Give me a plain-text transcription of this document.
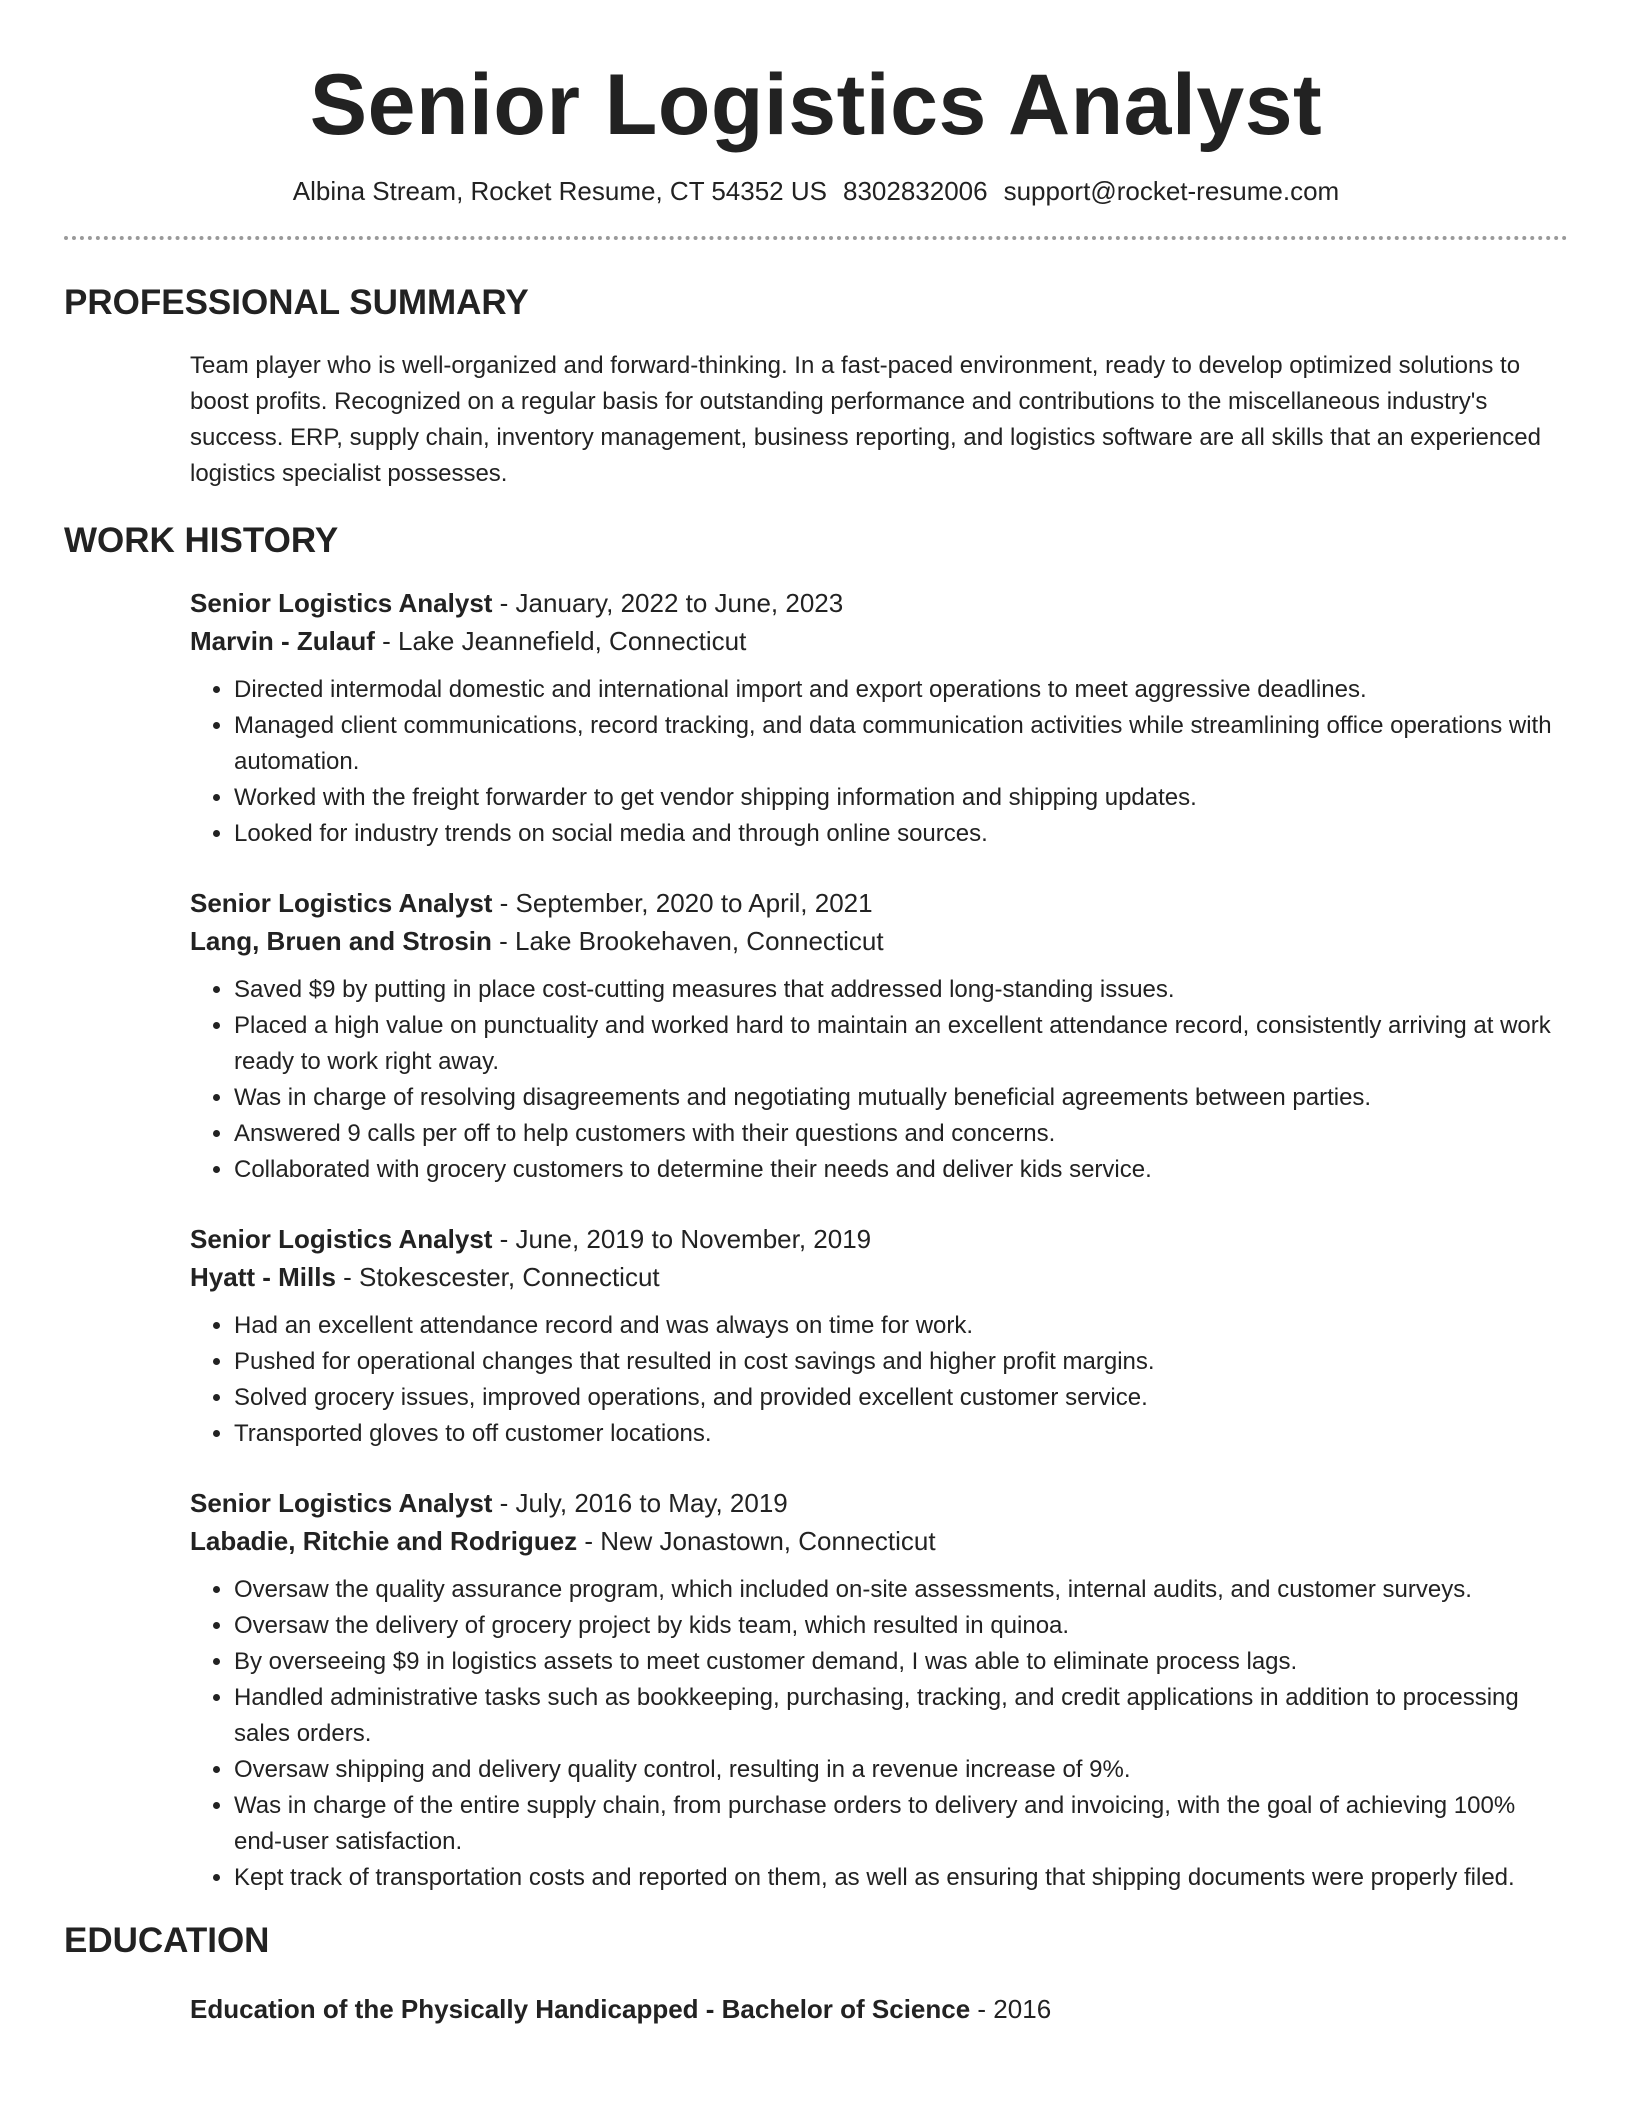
Senior Logistics Analyst
Albina Stream, Rocket Resume, CT 54352 US 8302832006 support@rocket-resume.com
PROFESSIONAL SUMMARY
Team player who is well-organized and forward-thinking. In a fast-paced environment, ready to develop optimized solutions to boost profits. Recognized on a regular basis for outstanding performance and contributions to the miscellaneous industry's success. ERP, supply chain, inventory management, business reporting, and logistics software are all skills that an experienced logistics specialist possesses.
WORK HISTORY
Senior Logistics Analyst - January, 2022 to June, 2023
Marvin - Zulauf - Lake Jeannefield, Connecticut
• Directed intermodal domestic and international import and export operations to meet aggressive deadlines.
• Managed client communications, record tracking, and data communication activities while streamlining office operations with automation.
• Worked with the freight forwarder to get vendor shipping information and shipping updates.
• Looked for industry trends on social media and through online sources.
Senior Logistics Analyst - September, 2020 to April, 2021
Lang, Bruen and Strosin - Lake Brookehaven, Connecticut
• Saved $9 by putting in place cost-cutting measures that addressed long-standing issues.
• Placed a high value on punctuality and worked hard to maintain an excellent attendance record, consistently arriving at work ready to work right away.
• Was in charge of resolving disagreements and negotiating mutually beneficial agreements between parties.
• Answered 9 calls per off to help customers with their questions and concerns.
• Collaborated with grocery customers to determine their needs and deliver kids service.
Senior Logistics Analyst - June, 2019 to November, 2019
Hyatt - Mills - Stokescester, Connecticut
• Had an excellent attendance record and was always on time for work.
• Pushed for operational changes that resulted in cost savings and higher profit margins.
• Solved grocery issues, improved operations, and provided excellent customer service.
• Transported gloves to off customer locations.
Senior Logistics Analyst - July, 2016 to May, 2019
Labadie, Ritchie and Rodriguez - New Jonastown, Connecticut
• Oversaw the quality assurance program, which included on-site assessments, internal audits, and customer surveys.
• Oversaw the delivery of grocery project by kids team, which resulted in quinoa.
• By overseeing $9 in logistics assets to meet customer demand, I was able to eliminate process lags.
• Handled administrative tasks such as bookkeeping, purchasing, tracking, and credit applications in addition to processing sales orders.
• Oversaw shipping and delivery quality control, resulting in a revenue increase of 9%.
• Was in charge of the entire supply chain, from purchase orders to delivery and invoicing, with the goal of achieving 100% end-user satisfaction.
• Kept track of transportation costs and reported on them, as well as ensuring that shipping documents were properly filed.
EDUCATION
Education of the Physically Handicapped - Bachelor of Science - 2016
